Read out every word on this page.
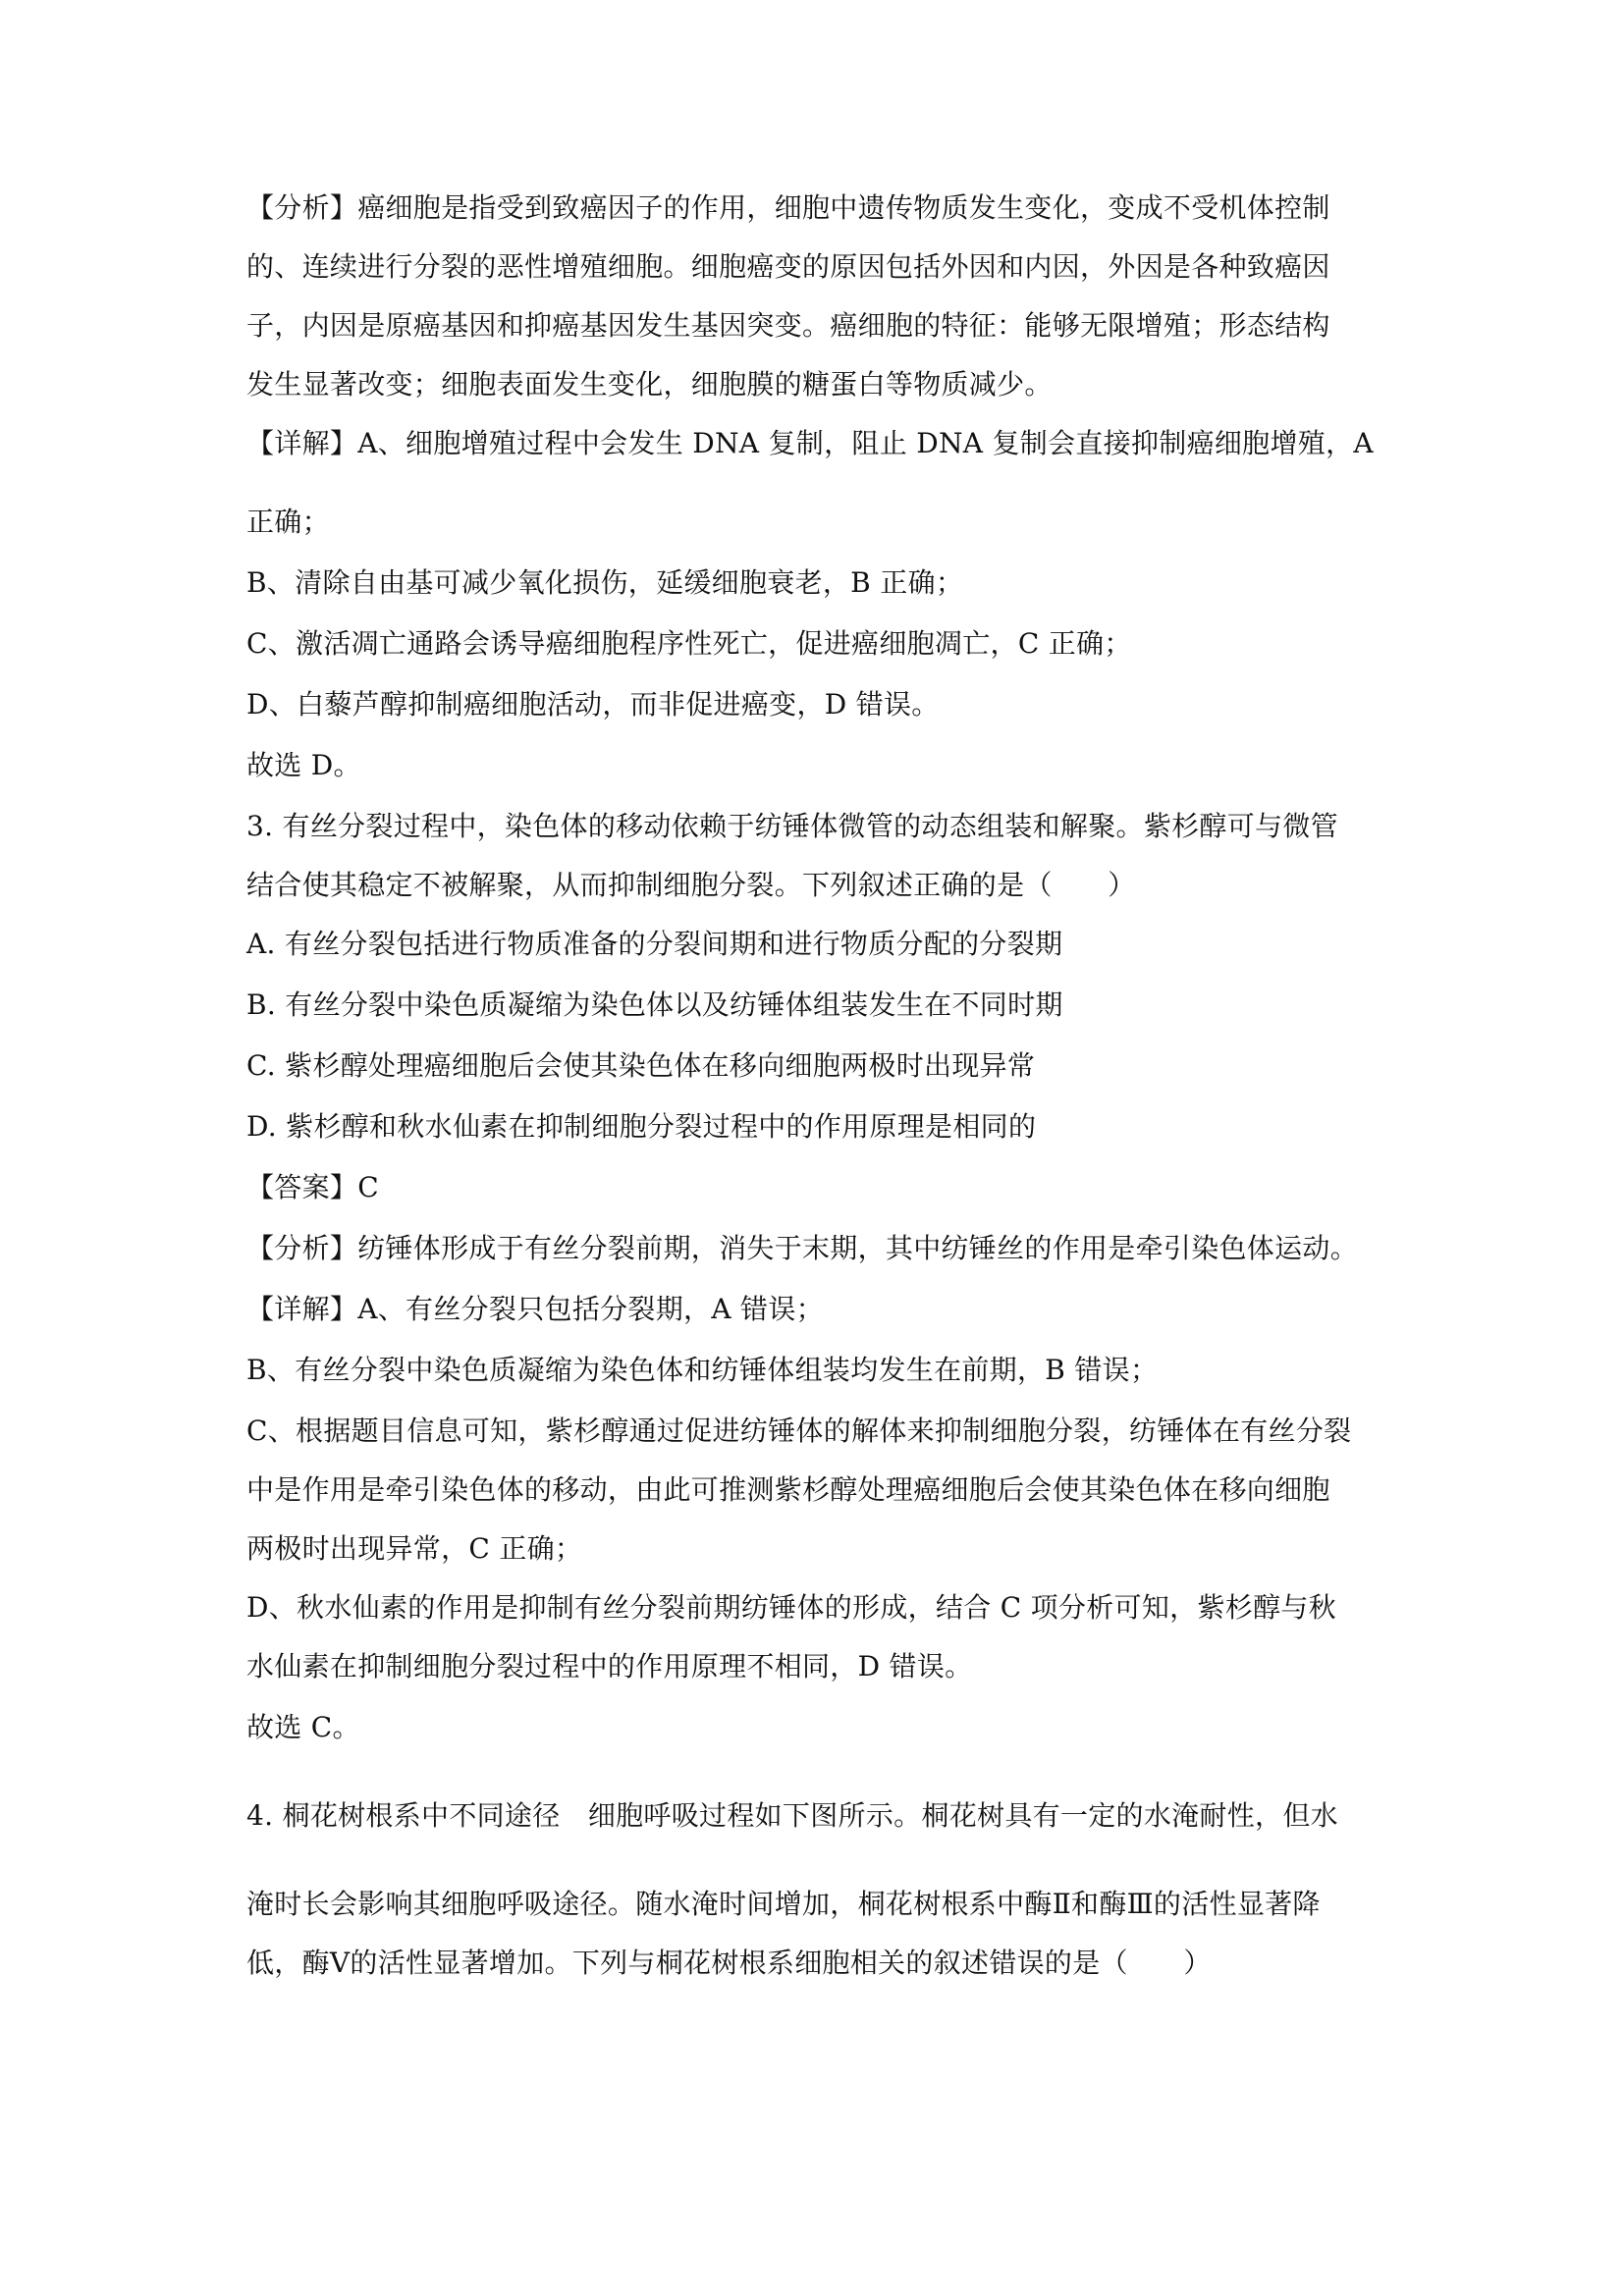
【分析】癌细胞是指受到致癌因子的作用，细胞中遗传物质发生变化，变成不受机体控制
的、连续进行分裂的恶性增殖细胞。细胞癌变的原因包括外因和内因，外因是各种致癌因
子，内因是原癌基因和抑癌基因发生基因突变。癌细胞的特征：能够无限增殖；形态结构
发生显著改变；细胞表面发生变化，细胞膜的糖蛋白等物质减少。
【详解】A、细胞增殖过程中会发生 DNA 复制，阻止 DNA 复制会直接抑制癌细胞增殖，A
正确；
B、清除自由基可减少氧化损伤，延缓细胞衰老，B 正确；
C、激活凋亡通路会诱导癌细胞程序性死亡，促进癌细胞凋亡，C 正确；
D、白藜芦醇抑制癌细胞活动，而非促进癌变，D 错误。
故选 D。
3. 有丝分裂过程中，染色体的移动依赖于纺锤体微管的动态组装和解聚。紫杉醇可与微管
结合使其稳定不被解聚，从而抑制细胞分裂。下列叙述正确的是（　　）
A. 有丝分裂包括进行物质准备的分裂间期和进行物质分配的分裂期
B. 有丝分裂中染色质凝缩为染色体以及纺锤体组装发生在不同时期
C. 紫杉醇处理癌细胞后会使其染色体在移向细胞两极时出现异常
D. 紫杉醇和秋水仙素在抑制细胞分裂过程中的作用原理是相同的
【答案】C
【分析】纺锤体形成于有丝分裂前期，消失于末期，其中纺锤丝的作用是牵引染色体运动。
【详解】A、有丝分裂只包括分裂期，A 错误；
B、有丝分裂中染色质凝缩为染色体和纺锤体组装均发生在前期，B 错误；
C、根据题目信息可知，紫杉醇通过促进纺锤体的解体来抑制细胞分裂，纺锤体在有丝分裂
中是作用是牵引染色体的移动，由此可推测紫杉醇处理癌细胞后会使其染色体在移向细胞
两极时出现异常，C 正确；
D、秋水仙素的作用是抑制有丝分裂前期纺锤体的形成，结合 C 项分析可知，紫杉醇与秋
水仙素在抑制细胞分裂过程中的作用原理不相同，D 错误。
故选 C。
4. 桐花树根系中不同途径　细胞呼吸过程如下图所示。桐花树具有一定的水淹耐性，但水
淹时长会影响其细胞呼吸途径。随水淹时间增加，桐花树根系中酶Ⅱ和酶Ⅲ的活性显著降
低，酶Ⅴ的活性显著增加。下列与桐花树根系细胞相关的叙述错误的是（　　）
